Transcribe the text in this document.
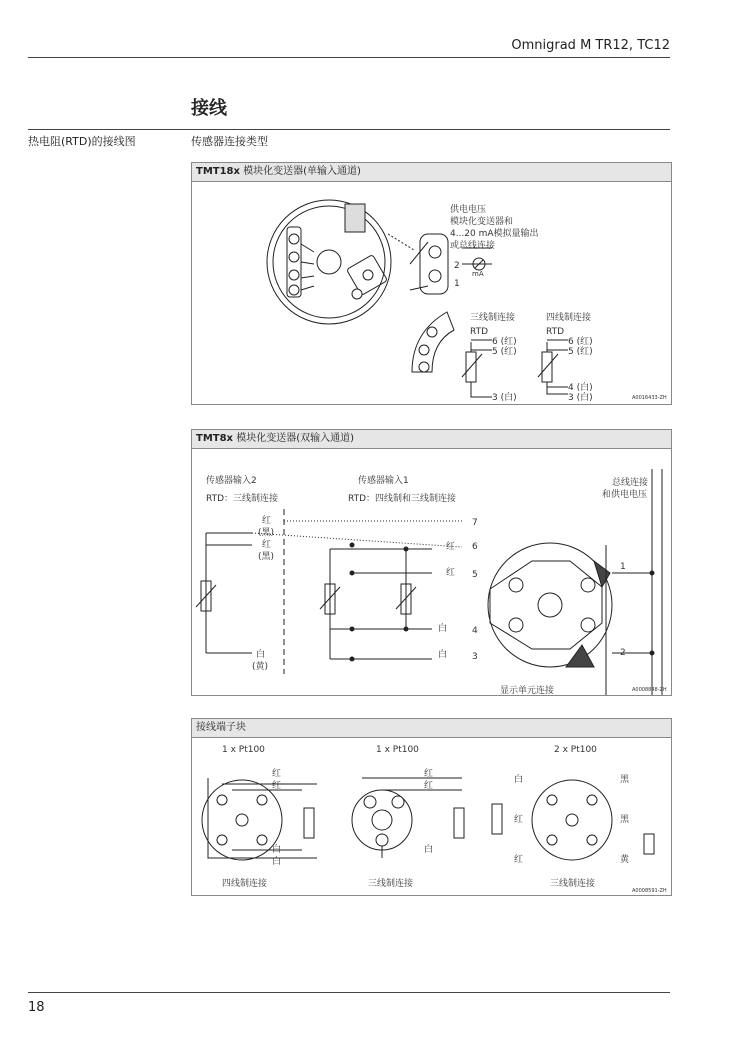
Omnigrad M TR12, TC12
接线
热电阻(RTD)的接线图	传感器连接类型
TMT18x 模块化变送器(单输入通道)
供电电压
模块化变送器和
4...20 mA模拟量输出
或总线连接
2
1
mA
三线制连接
RTD
6 (红)
5 (红)
3 (白)
四线制连接
RTD
6 (红)
5 (红)
4 (白)
3 (白)	A0016433-ZH
TMT8x 模块化变送器(双输入通道)
传感器输入2
RTD：三线制连接
传感器输入1
RTD：四线制和三线制连接
总线连接
和供电电压
红
(黑)
红
(黑)
白
(黄)
红
红
白
白
7
6
5
4
3
1
2
显示单元连接	A0008848-ZH
接线端子块
1 x Pt100
红
红
白
白
四线制连接
1 x Pt100
红
红
白
三线制连接
2 x Pt100
白
红
红
黑
黑
黄
三线制连接
A0008591-ZH
18
